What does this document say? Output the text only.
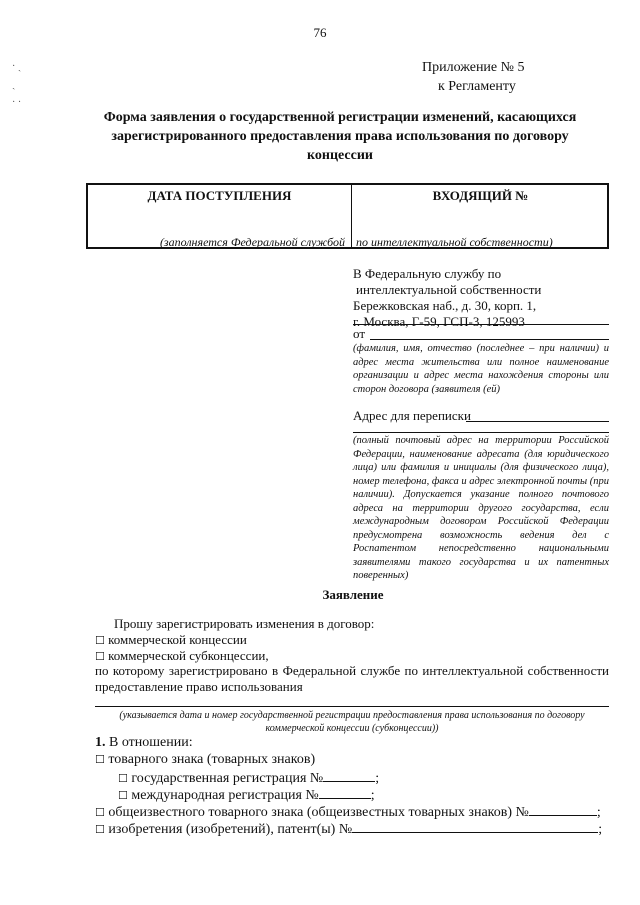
· ˏ
ˎ
· ·
76
Приложение № 5
к Регламенту
Форма заявления о государственной регистрации изменений, касающихся
зарегистрированного предоставления права использования по договору
концессии
ДАТА ПОСТУПЛЕНИЯ	ВХОДЯЩИЙ №
(заполняется Федеральной службой по интеллектуальной собственности)
В Федеральную службу по
интеллектуальной собственности
Бережковская наб., д. 30, корп. 1,
г. Москва, Г-59, ГСП-3, 125993
от
(фамилия, имя, отчество (последнее – при наличии) и адрес места жительства или полное наименование организации и адрес места нахождения стороны или сторон договора (заявителя (ей)
Адрес для переписки
(полный почтовый адрес на территории Российской Федерации, наименование адресата (для юридического лица) или фамилия и инициалы (для физического лица), номер телефона, факса и адрес электронной почты (при наличии). Допускается указание полного почтового адреса на территории другого государства, если международным договором Российской Федерации предусмотрена возможность ведения дел с Роспатентом непосредственно национальными заявителями такого государства и их патентных поверенных)
Заявление
Прошу зарегистрировать изменения в договор:
☐ коммерческой концессии
☐ коммерческой субконцессии,
по которому зарегистрировано в Федеральной службе по интеллектуальной собственности
предоставление право использования
(указывается дата и номер государственной регистрации предоставления права использования по договору коммерческой концессии (субконцессии))
1. В отношении:
☐ товарного знака (товарных знаков)
☐ государственная регистрация №	;
☐ международная регистрация №	;
☐ общеизвестного товарного знака (общеизвестных товарных знаков) №	;
☐ изобретения (изобретений), патент(ы) №	;
